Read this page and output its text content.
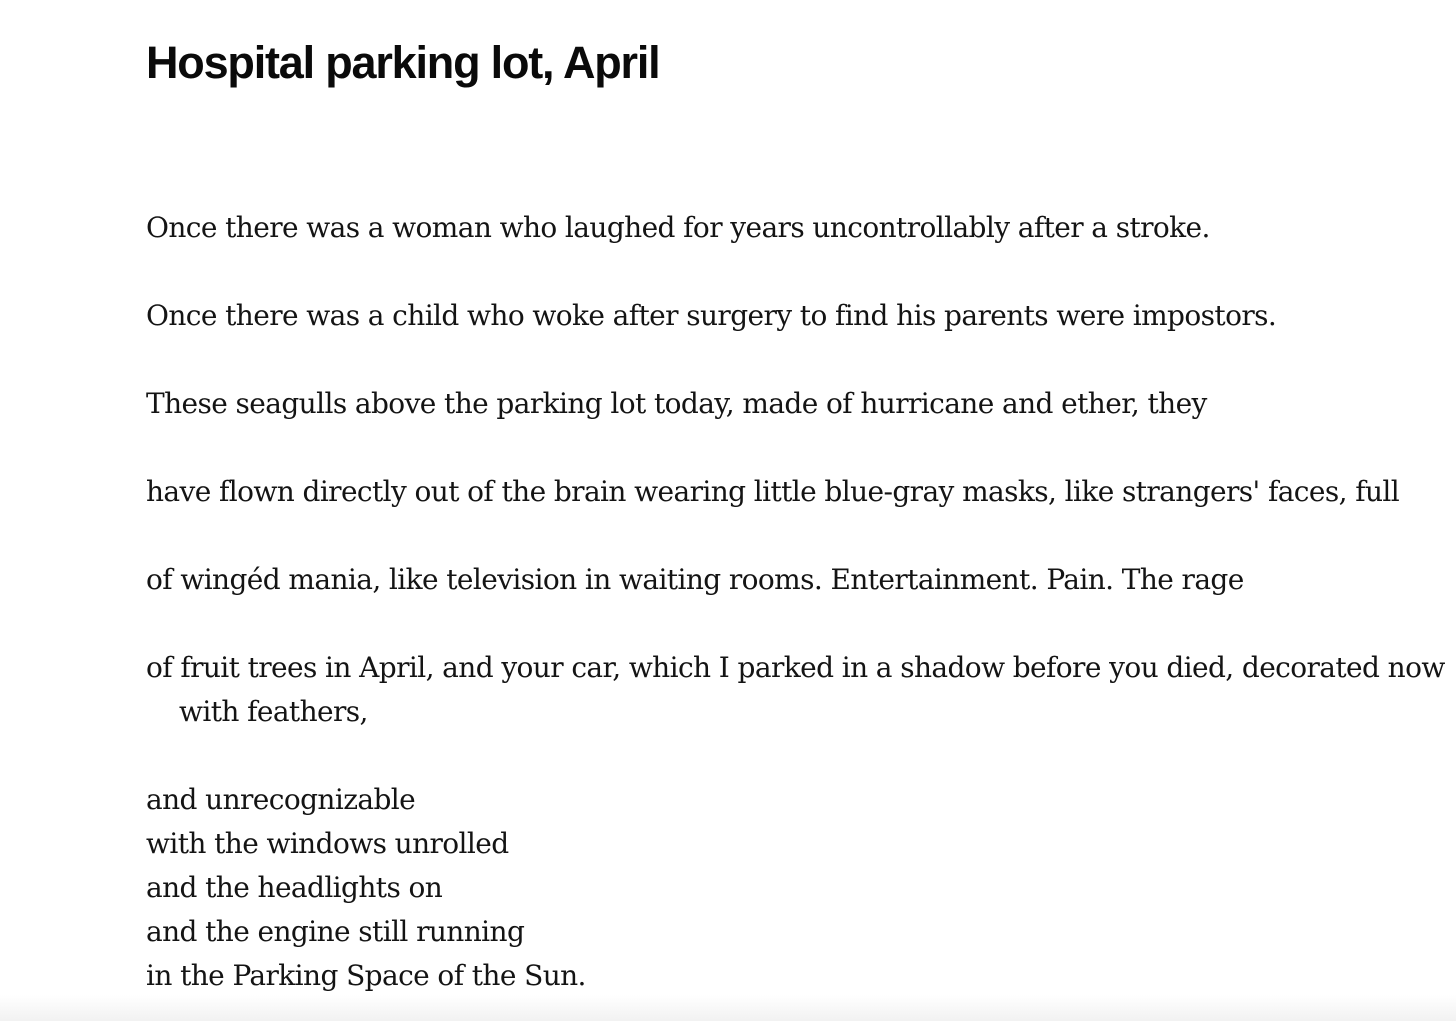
Hospital parking lot, April
Once there was a woman who laughed for years uncontrollably after a stroke.
Once there was a child who woke after surgery to find his parents were impostors.
These seagulls above the parking lot today, made of hurricane and ether, they
have flown directly out of the brain wearing little blue-gray masks, like strangers' faces, full
of wingéd mania, like television in waiting rooms. Entertainment. Pain. The rage
of fruit trees in April, and your car, which I parked in a shadow before you died, decorated now
with feathers,
and unrecognizable
with the windows unrolled
and the headlights on
and the engine still running
in the Parking Space of the Sun.
